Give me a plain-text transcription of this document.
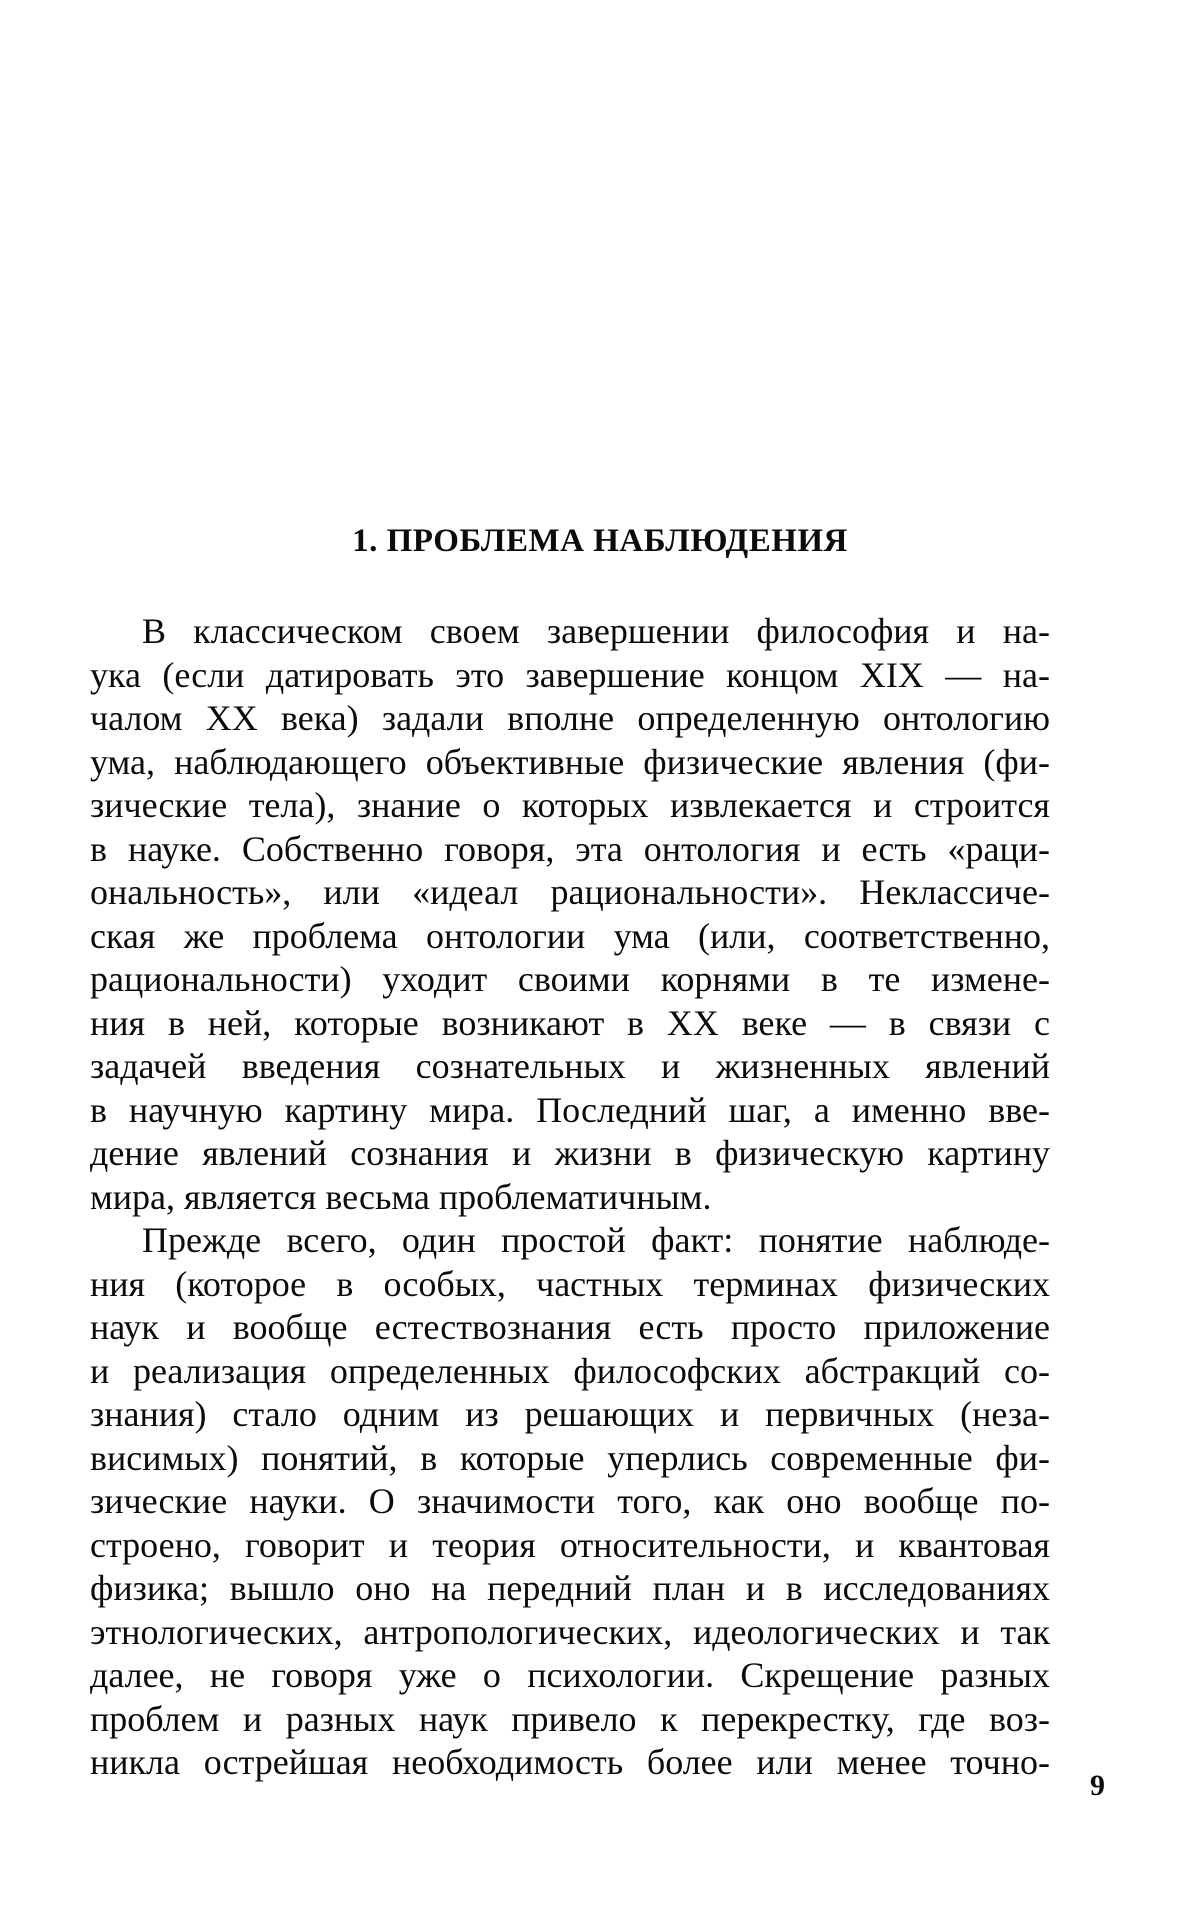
1. ПРОБЛЕМА НАБЛЮДЕНИЯ
В классическом своем завершении философия и на-
ука (если датировать это завершение концом XIX — на-
чалом XX века) задали вполне определенную онтологию
ума, наблюдающего объективные физические явления (фи-
зические тела), знание о которых извлекается и строится
в науке. Собственно говоря, эта онтология и есть «раци-
ональность», или «идеал рациональности». Неклассиче-
ская же проблема онтологии ума (или, соответственно,
рациональности) уходит своими корнями в те измене-
ния в ней, которые возникают в XX веке — в связи с
задачей введения сознательных и жизненных явлений
в научную картину мира. Последний шаг, а именно вве-
дение явлений сознания и жизни в физическую картину
мира, является весьма проблематичным.
Прежде всего, один простой факт: понятие наблюде-
ния (которое в особых, частных терминах физических
наук и вообще естествознания есть просто приложение
и реализация определенных философских абстракций со-
знания) стало одним из решающих и первичных (неза-
висимых) понятий, в которые уперлись современные фи-
зические науки. О значимости того, как оно вообще по-
строено, говорит и теория относительности, и квантовая
физика; вышло оно на передний план и в исследованиях
этнологических, антропологических, идеологических и так
далее, не говоря уже о психологии. Скрещение разных
проблем и разных наук привело к перекрестку, где воз-
никла острейшая необходимость более или менее точно-
9
